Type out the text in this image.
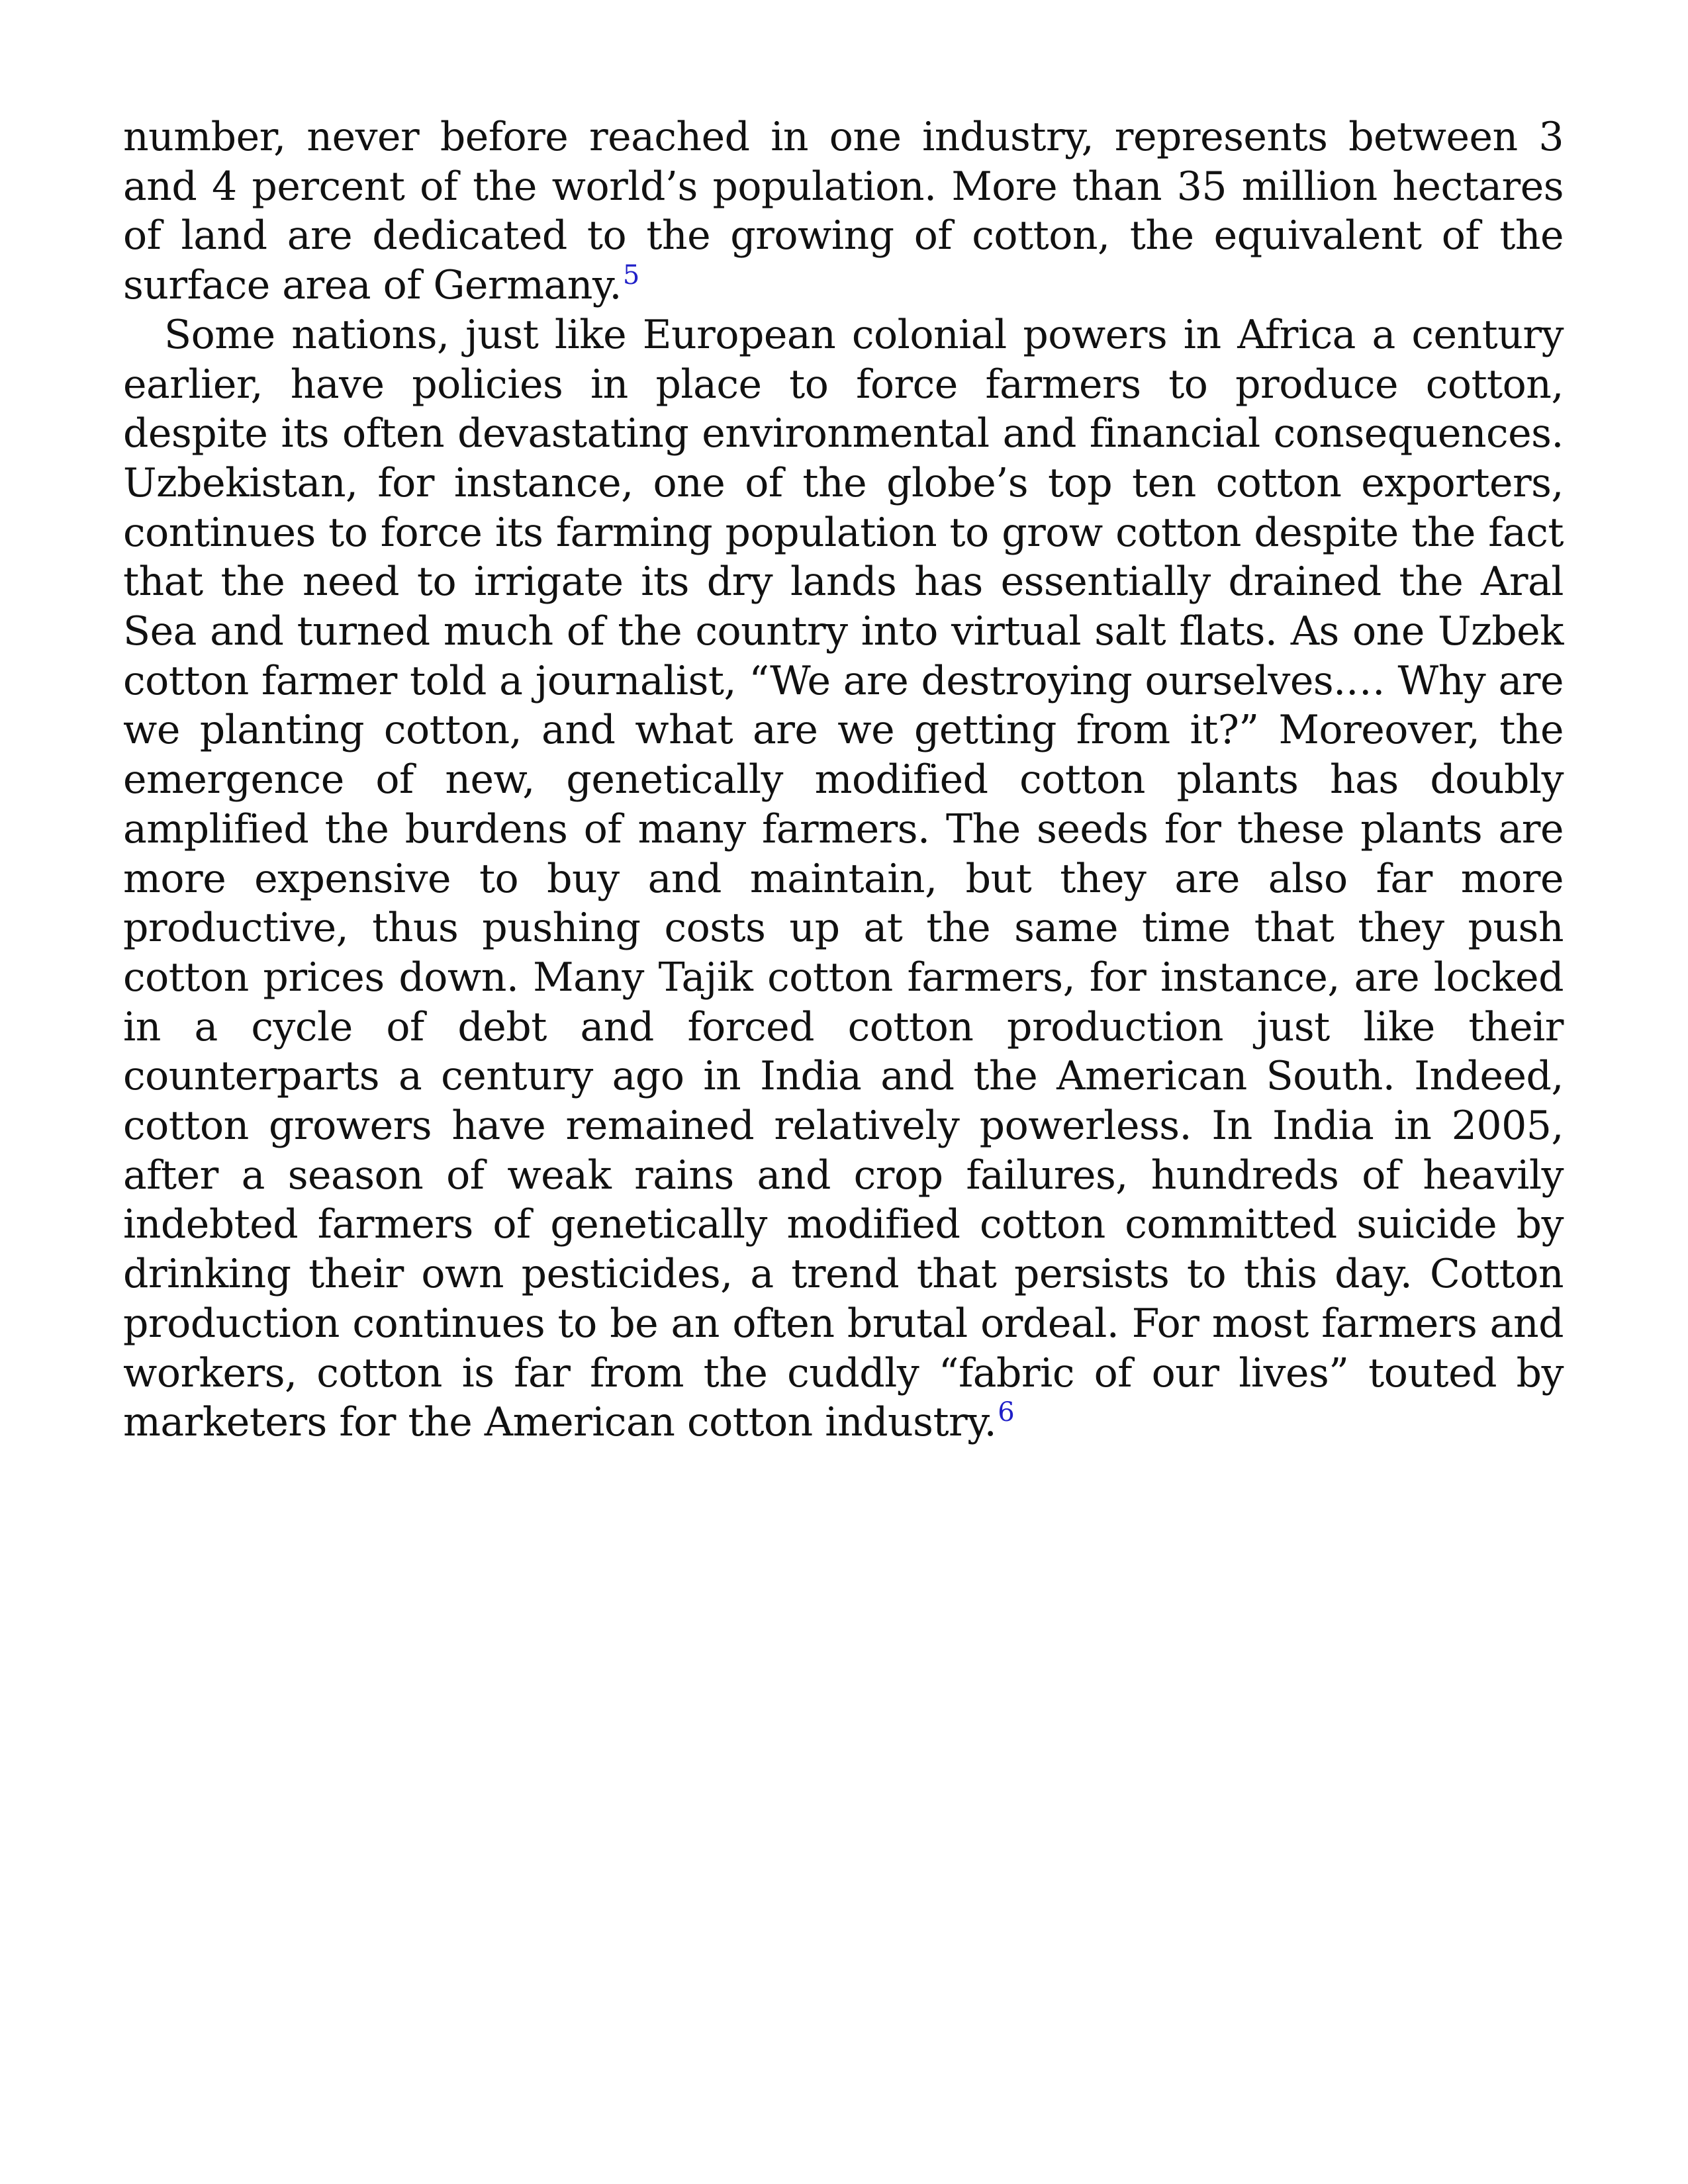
number, never before reached in one industry, represents between 3 and 4 percent of the world’s population. More than 35 million hectares of land are dedicated to the growing of cotton, the equivalent of the surface area of Germany.$^5$

Some nations, just like European colonial powers in Africa a century earlier, have policies in place to force farmers to produce cotton, despite its often devastating environmental and financial consequences. Uzbekistan, for instance, one of the globe’s top ten cotton exporters, continues to force its farming population to grow cotton despite the fact that the need to irrigate its dry lands has essentially drained the Aral Sea and turned much of the country into virtual salt flats. As one Uzbek cotton farmer told a journalist, “We are destroying ourselves.… Why are we planting cotton, and what are we getting from it?” Moreover, the emergence of new, genetically modified cotton plants has doubly amplified the burdens of many farmers. The seeds for these plants are more expensive to buy and maintain, but they are also far more productive, thus pushing costs up at the same time that they push cotton prices down. Many Tajik cotton farmers, for instance, are locked in a cycle of debt and forced cotton production just like their counterparts a century ago in India and the American South. Indeed, cotton growers have remained relatively powerless. In India in 2005, after a season of weak rains and crop failures, hundreds of heavily indebted farmers of genetically modified cotton committed suicide by drinking their own pesticides, a trend that persists to this day. Cotton production continues to be an often brutal ordeal. For most farmers and workers, cotton is far from the cuddly “fabric of our lives” touted by marketers for the American cotton industry.$^6$
